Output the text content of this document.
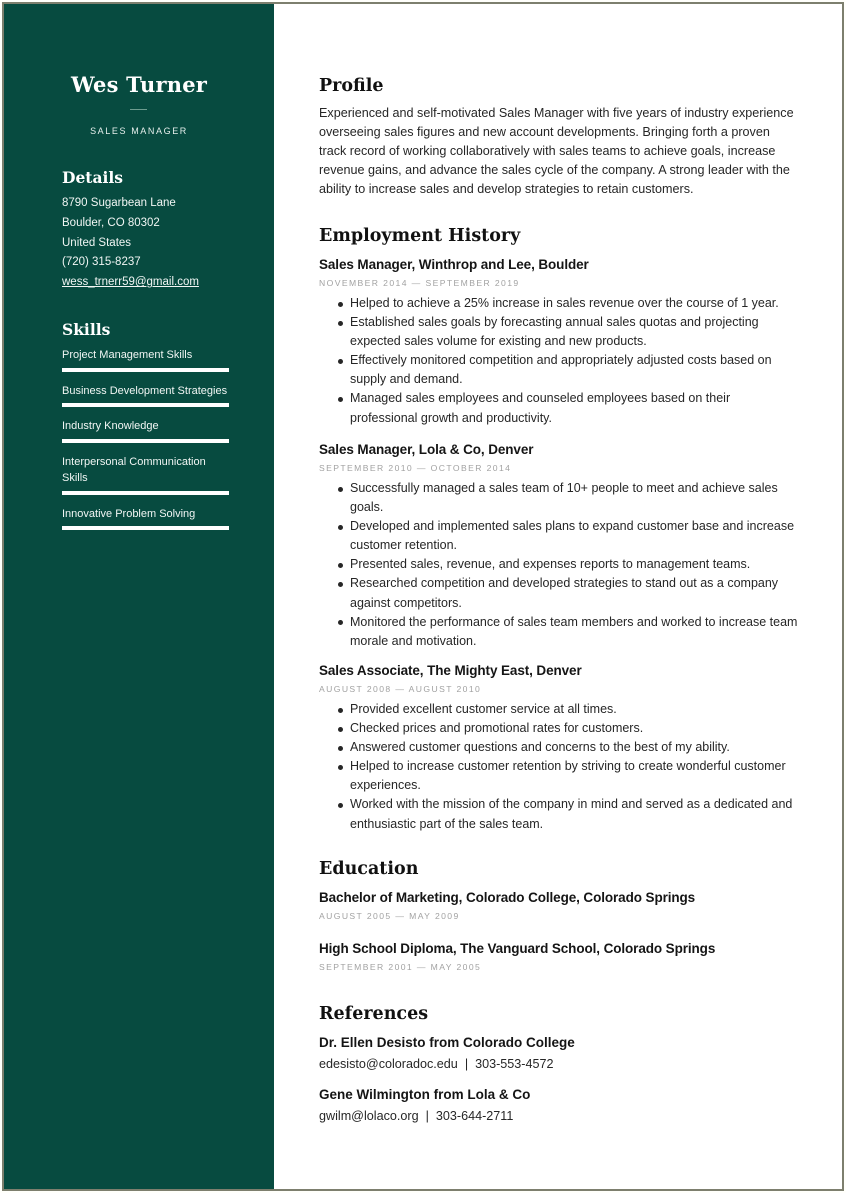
Wes Turner
SALES MANAGER
Details
8790 Sugarbean Lane
Boulder, CO 80302
United States
(720) 315-8237
wess_trnerr59@gmail.com
Skills
Project Management Skills
Business Development Strategies
Industry Knowledge
Interpersonal Communication Skills
Innovative Problem Solving
Profile
Experienced and self-motivated Sales Manager with five years of industry experience overseeing sales figures and new account developments. Bringing forth a proven track record of working collaboratively with sales teams to achieve goals, increase revenue gains, and advance the sales cycle of the company. A strong leader with the ability to increase sales and develop strategies to retain customers.
Employment History
Sales Manager, Winthrop and Lee, Boulder
NOVEMBER 2014 — SEPTEMBER 2019
Helped to achieve a 25% increase in sales revenue over the course of 1 year.
Established sales goals by forecasting annual sales quotas and projecting expected sales volume for existing and new products.
Effectively monitored competition and appropriately adjusted costs based on supply and demand.
Managed sales employees and counseled employees based on their professional growth and productivity.
Sales Manager, Lola & Co, Denver
SEPTEMBER 2010 — OCTOBER 2014
Successfully managed a sales team of 10+ people to meet and achieve sales goals.
Developed and implemented sales plans to expand customer base and increase customer retention.
Presented sales, revenue, and expenses reports to management teams.
Researched competition and developed strategies to stand out as a company against competitors.
Monitored the performance of sales team members and worked to increase team morale and motivation.
Sales Associate, The Mighty East, Denver
AUGUST 2008 — AUGUST 2010
Provided excellent customer service at all times.
Checked prices and promotional rates for customers.
Answered customer questions and concerns to the best of my ability.
Helped to increase customer retention by striving to create wonderful customer experiences.
Worked with the mission of the company in mind and served as a dedicated and enthusiastic part of the sales team.
Education
Bachelor of Marketing, Colorado College, Colorado Springs
AUGUST 2005 — MAY 2009
High School Diploma, The Vanguard School, Colorado Springs
SEPTEMBER 2001 — MAY 2005
References
Dr. Ellen Desisto from Colorado College
edesisto@coloradoc.edu | 303-553-4572
Gene Wilmington from Lola & Co
gwilm@lolaco.org | 303-644-2711
